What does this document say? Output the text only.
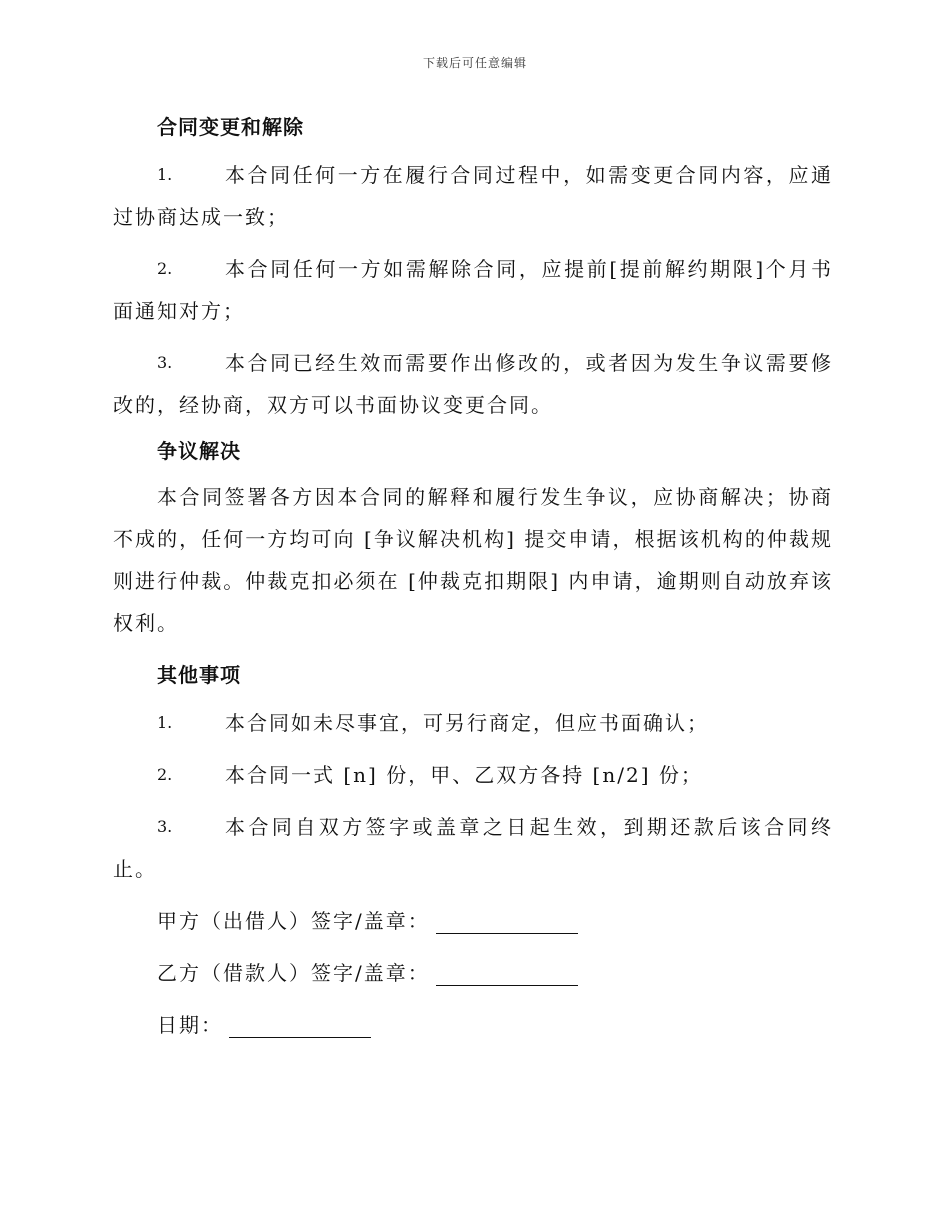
下载后可任意编辑
合同变更和解除
1.	本合同任何一方在履行合同过程中，如需变更合同内容，应通过协商达成一致；

2.	本合同任何一方如需解除合同，应提前[提前解约期限]个月书面通知对方；

3.	本合同已经生效而需要作出修改的，或者因为发生争议需要修改的，经协商，双方可以书面协议变更合同。

争议解决

本合同签署各方因本合同的解释和履行发生争议，应协商解决；协商不成的，任何一方均可向 [争议解决机构] 提交申请，根据该机构的仲裁规则进行仲裁。仲裁克扣必须在 [仲裁克扣期限] 内申请，逾期则自动放弃该权利。

其他事项
1.	本合同如未尽事宜，可另行商定，但应书面确认；

2.	本合同一式 [n] 份，甲、乙双方各持 [n/2] 份；

3.	本合同自双方签字或盖章之日起生效，到期还款后该合同终止。

甲方（出借人）签字/盖章：
乙方（借款人）签字/盖章：
日期：
